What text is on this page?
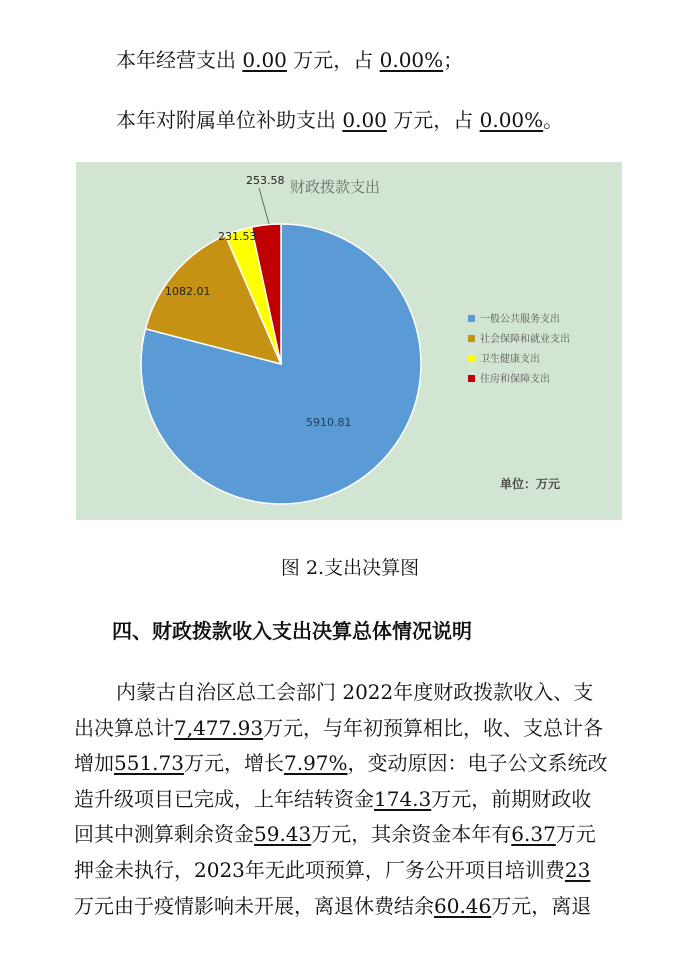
本年经营支出 0.00 万元，占 0.00%；
本年对附属单位补助支出 0.00 万元，占 0.00%。
财政拨款支出
5910.81
1082.01
231.53
253.58
一般公共服务支出
社会保障和就业支出
卫生健康支出
住房和保障支出
单位：万元
图 2.支出决算图
四、财政拨款收入支出决算总体情况说明
内蒙古自治区总工会部门 2022年度财政拨款收入、支
出决算总计7,477.93万元，与年初预算相比，收、支总计各
增加551.73万元，增长7.97%，变动原因：电子公文系统改
造升级项目已完成，上年结转资金174.3万元，前期财政收
回其中测算剩余资金59.43万元，其余资金本年有6.37万元
押金未执行，2023年无此项预算，厂务公开项目培训费23
万元由于疫情影响未开展，离退休费结余60.46万元，离退
